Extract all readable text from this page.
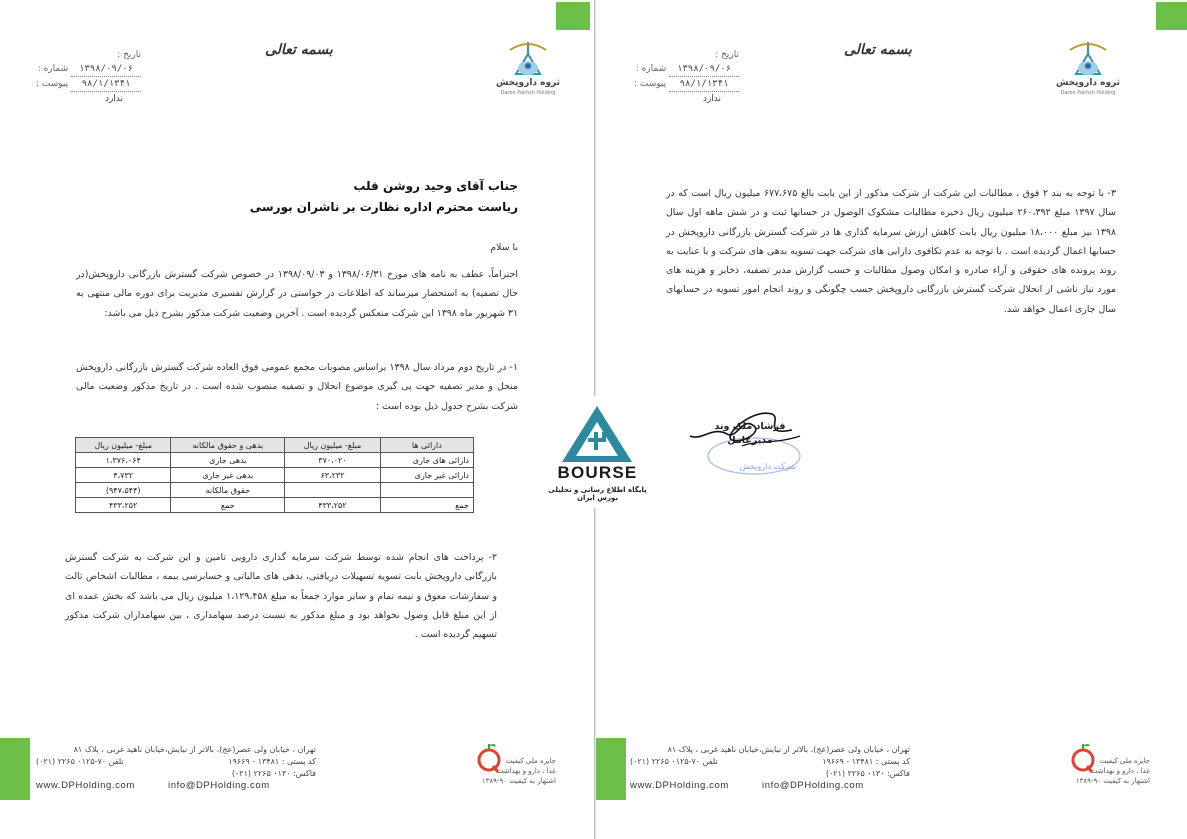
تاریخ :
۱۳۹۸/۰۹/۰۶ شماره :
۹۸/۱/۱۳۴۱ پیوست :
ندارد
بسمه تعالی
ثروه داروپخش
Daroo Pakhsh Holding
جناب آقای وحید روشن قلب
ریاست محترم اداره نظارت بر ناشران بورسی
با سلام

احتراماً، عطف به نامه های مورخ ۱۳۹۸/۰۶/۳۱ و ۱۳۹۸/۰۹/۰۳ در خصوص شرکت گسترش بازرگانی داروپخش(در حال تصفیه) به استحضار میرساند که اطلاعات در خواستی در گزارش تفسیری مدیریت برای دوره مالی منتهی به ۳۱ شهریور ماه ۱۳۹۸ این شرکت منعکس گردیده است . آخرین وضعیت شرکت مذکور بشرح ذیل می باشد:

۱- در تاریخ دوم مرداد سال ۱۳۹۸ براساس مصوبات مجمع عمومی فوق العاده شرکت گسترش بازرگانی داروپخش منحل و مدیر تصفیه جهت پی گیری موضوع انحلال و تصفیه منصوب شده است . در تاریخ مذکور وضعیت مالی شرکت بشرح جدول ذیل بوده است :

دارائی ها	مبلغ- میلیون ریال	بدهی و حقوق مالکانه	مبلغ- میلیون ریال
دارائی های جاری	۳۷۰،۰۲۰	بدهی جاری	۱،۳۷۶،۰۶۴
دارائی غیر جاری	۶۳،۲۳۲	بدهی غیر جاری	۴،۷۳۲
		حقوق مالکانه	(۹۴۷،۵۴۴)
جمع	۴۳۳،۲۵۲	جمع	۴۳۳،۲۵۲

۲- پرداخت های انجام شده توسط شرکت سرمایه گذاری دارویی تامین و این شرکت به شرکت گسترش بازرگانی داروپخش بابت تسویه تسهیلات دریافتی، بدهی های مالیاتی و حسابرسی بیمه ، مطالبات اشخاص ثالث و سفارشات معوق و نیمه تمام و سایر موارد جمعاً به مبلغ ۱،۱۲۹،۴۵۸ میلیون ریال می باشد که بخش عمده ای از این مبلغ قابل وصول نخواهد بود و مبلغ مذکور به نسبت درصد سهامداری ، بین سهامداران شرکت مذکور تسهیم گردیده است .

تهران ، خیابان ولی عصر(عج)، بالاتر از نیایش،خیابان ناهید غربی ، پلاک ۸۱
کد پستی : ۱۳۴۸۱ - ۱۹۶۶۹
تلفن ۷۰-۰۱۲۵ ۲۲۶۵ (۰۲۱)
فاکس: ۰۱۳۰ ۲۲۶۵ (۰۲۱)
www.DPHolding.com	info@DPHolding.com
جایزه ملی کیفیت
غذا ، دارو و بهداشت
اشتهار به کیفیت ۹۰-۱۳۸۹
تاریخ :
۱۳۹۸/۰۹/۰۶ شماره :
۹۸/۱/۱۳۴۱ پیوست :
ندارد
بسمه تعالی
ثروه داروپخش
Daroo Pakhsh Holding

۳- با توجه به بند ۲ فوق ، مطالبات این شرکت از شرکت مذکور از این بابت بالغ ۶۷۷،۶۷۵ میلیون ریال است که در سال ۱۳۹۷ مبلغ ۲۶۰،۳۹۲ میلیون ریال ذخیره مطالبات مشکوک الوصول در حسابها ثبت و در شش ماهه اول سال ۱۳۹۸ نیز مبلغ ۱۸،۰۰۰ میلیون ریال بابت کاهش ارزش سرمایه گذاری ها در شرکت گسترش بازرگانی داروپخش در حسابها اعمال گردیده است . با توجه به عدم تکافوی دارایی های شرکت جهت تسویه بدهی های شرکت و با عنایت به روند پرونده های حقوقی و آراء صادره و امکان وصول مطالبات و حسب گزارش مدیر تصفیه، ذخایر و هزینه های مورد نیاز ناشی از انحلال شرکت گسترش بازرگانی داروپخش حسب چگونگی و روند انجام امور تسویه در حسابهای سال جاری اعمال خواهد شد.

فرشاد ملک وند
مدیرعامل
شرکت داروپخش
تهران ، خیابان ولی عصر(عج)، بالاتر از نیایش،خیابان ناهید غربی ، پلاک ۸۱
کد پستی : ۱۳۴۸۱ - ۱۹۶۶۹
تلفن ۷۰-۰۱۲۵ ۲۲۶۵ (۰۲۱)
فاکس: ۰۱۳۰ ۲۲۶۵ (۰۲۱)
www.DPHolding.com	info@DPHolding.com
جایزه ملی کیفیت
غذا ، دارو و بهداشت
اشتهار به کیفیت ۹۰-۱۳۸۹
BOURSE
پایگاه اطلاع رسانی و تحلیلی بورس ایران
